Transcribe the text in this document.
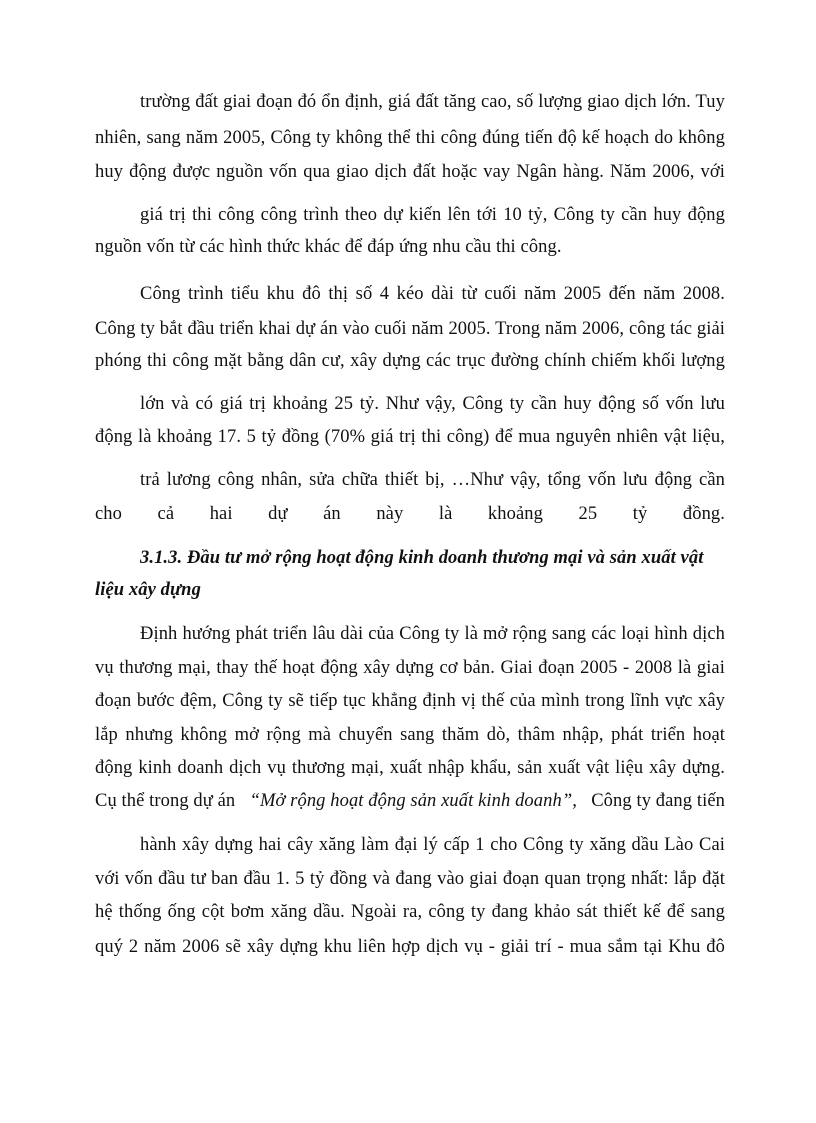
trường đất giai đoạn đó ổn định, giá đất tăng cao, số lượng giao dịch lớn. Tuy
nhiên, sang năm 2005, Công ty không thể thi công đúng tiến độ kế hoạch do không
huy động được nguồn vốn qua giao dịch đất hoặc vay Ngân hàng. Năm 2006, với
giá trị thi công công trình theo dự kiến lên tới 10 tỷ, Công ty cần huy động
nguồn vốn từ các hình thức khác để đáp ứng nhu cầu thi công.
Công trình tiểu khu đô thị số 4 kéo dài từ cuối năm 2005 đến năm 2008.
Công ty bắt đầu triển khai dự án vào cuối năm 2005. Trong năm 2006, công tác giải
phóng thi công mặt bằng dân cư, xây dựng các trục đường chính chiếm khối lượng
lớn và có giá trị khoảng 25 tỷ. Như vậy, Công ty cần huy động số vốn lưu
động là khoảng 17. 5 tỷ đồng (70% giá trị thi công) để mua nguyên nhiên vật liệu,
trả lương công nhân, sửa chữa thiết bị, …Như vậy, tổng vốn lưu động cần
cho cả hai dự án này là khoảng 25 tỷ đồng.
3.1.3. Đầu tư mở rộng hoạt động kinh doanh thương mại và sản xuất vật
liệu xây dựng
Định hướng phát triển lâu dài của Công ty là mở rộng sang các loại hình dịch
vụ thương mại, thay thế hoạt động xây dựng cơ bản. Giai đoạn 2005 - 2008 là giai
đoạn bước đệm, Công ty sẽ tiếp tục khẳng định vị thế của mình trong lĩnh vực xây
lắp nhưng không mở rộng mà chuyển sang thăm dò, thâm nhập, phát triển hoạt
động kinh doanh dịch vụ thương mại, xuất nhập khẩu, sản xuất vật liệu xây dựng.
Cụ thể trong dự án “Mở rộng hoạt động sản xuất kinh doanh”, Công ty đang tiến
hành xây dựng hai cây xăng làm đại lý cấp 1 cho Công ty xăng dầu Lào Cai
với vốn đầu tư ban đầu 1. 5 tỷ đồng và đang vào giai đoạn quan trọng nhất: lắp đặt
hệ thống ống cột bơm xăng dầu. Ngoài ra, công ty đang khảo sát thiết kế để sang
quý 2 năm 2006 sẽ xây dựng khu liên hợp dịch vụ - giải trí - mua sắm tại Khu đô
